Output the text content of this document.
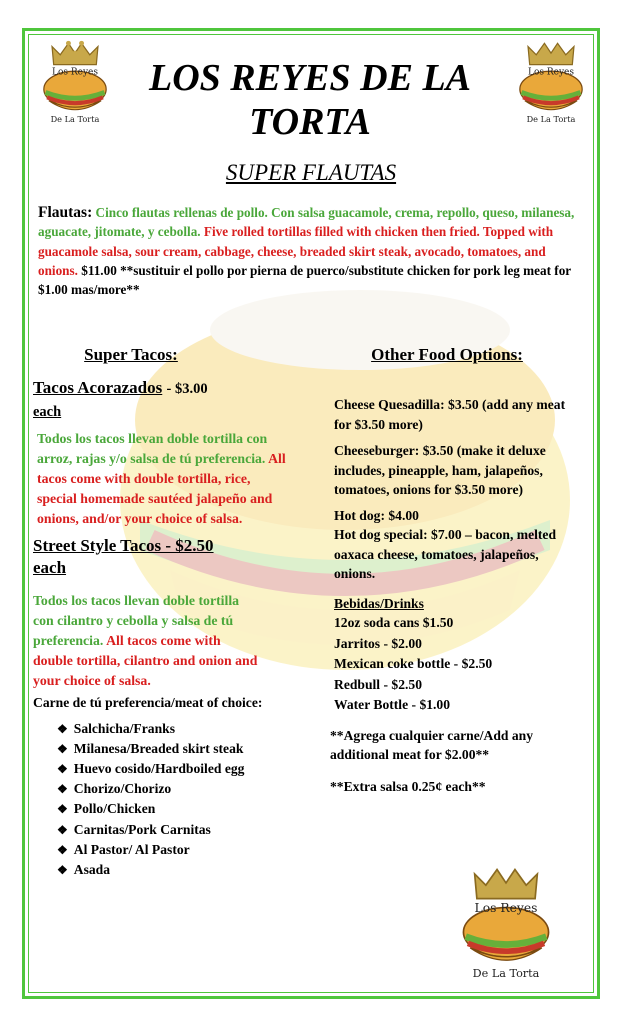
Los Reyes
De La Torta
Los Reyes
De La Torta
Los Reyes
De La Torta
LOS REYES DE LA TORTA
SUPER FLAUTAS
Flautas: Cinco flautas rellenas de pollo. Con salsa guacamole, crema, repollo, queso, milanesa, aguacate, jitomate, y cebolla. Five rolled tortillas filled with chicken then fried. Topped with guacamole salsa, sour cream, cabbage, cheese, breaded skirt steak, avocado, tomatoes, and onions. $11.00 **sustituir el pollo por pierna de puerco/substitute chicken for pork leg meat for $1.00 mas/more**
Super Tacos:
Tacos Acorazados - $3.00
each
Todos los tacos llevan doble tortilla con arroz, rajas y/o salsa de tú preferencia. All tacos come with double tortilla, rice, special homemade sautéed jalapeño and onions, and/or your choice of salsa.
Street Style Tacos - $2.50
each
Todos los tacos llevan doble tortilla con cilantro y cebolla y salsa de tú preferencia. All tacos come with double tortilla, cilantro and onion and your choice of salsa.
Carne de tú preferencia/meat of choice:
❖ Salchicha/Franks
❖ Milanesa/Breaded skirt steak
❖ Huevo cosido/Hardboiled egg
❖ Chorizo/Chorizo
❖ Pollo/Chicken
❖ Carnitas/Pork Carnitas
❖ Al Pastor/ Al Pastor
❖ Asada
Other Food Options:
Cheese Quesadilla: $3.50 (add any meat for $3.50 more)
Cheeseburger: $3.50 (make it deluxe includes, pineapple, ham, jalapeños, tomatoes, onions for $3.50 more)
Hot dog: $4.00
Hot dog special: $7.00 – bacon, melted oaxaca cheese, tomatoes, jalapeños, onions.
Bebidas/Drinks
12oz soda cans $1.50
Jarritos - $2.00
Mexican coke bottle - $2.50
Redbull - $2.50
Water Bottle - $1.00
**Agrega cualquier carne/Add any additional meat for $2.00**
**Extra salsa 0.25¢ each**
